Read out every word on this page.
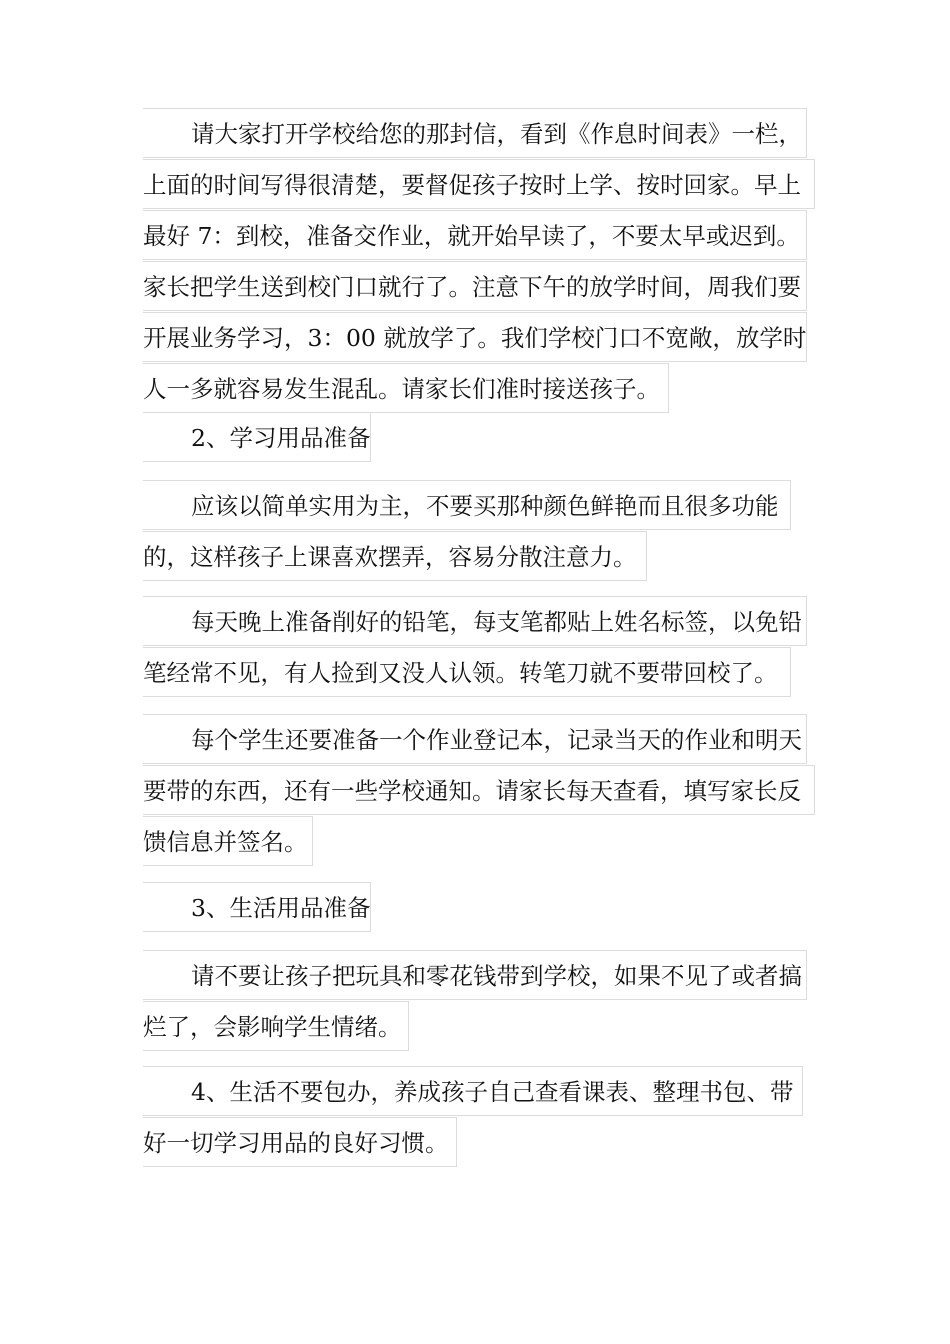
请大家打开学校给您的那封信，看到《作息时间表》一栏，
上面的时间写得很清楚，要督促孩子按时上学、按时回家。早上
最好 7：到校，准备交作业，就开始早读了，不要太早或迟到。
家长把学生送到校门口就行了。注意下午的放学时间，周我们要
开展业务学习，3：00 就放学了。我们学校门口不宽敞，放学时
人一多就容易发生混乱。请家长们准时接送孩子。
2、学习用品准备
应该以简单实用为主，不要买那种颜色鲜艳而且很多功能
的，这样孩子上课喜欢摆弄，容易分散注意力。
每天晚上准备削好的铅笔，每支笔都贴上姓名标签，以免铅
笔经常不见，有人捡到又没人认领。转笔刀就不要带回校了。
每个学生还要准备一个作业登记本，记录当天的作业和明天
要带的东西，还有一些学校通知。请家长每天查看，填写家长反
馈信息并签名。
3、生活用品准备
请不要让孩子把玩具和零花钱带到学校，如果不见了或者搞
烂了，会影响学生情绪。
4、生活不要包办，养成孩子自己查看课表、整理书包、带
好一切学习用品的良好习惯。
